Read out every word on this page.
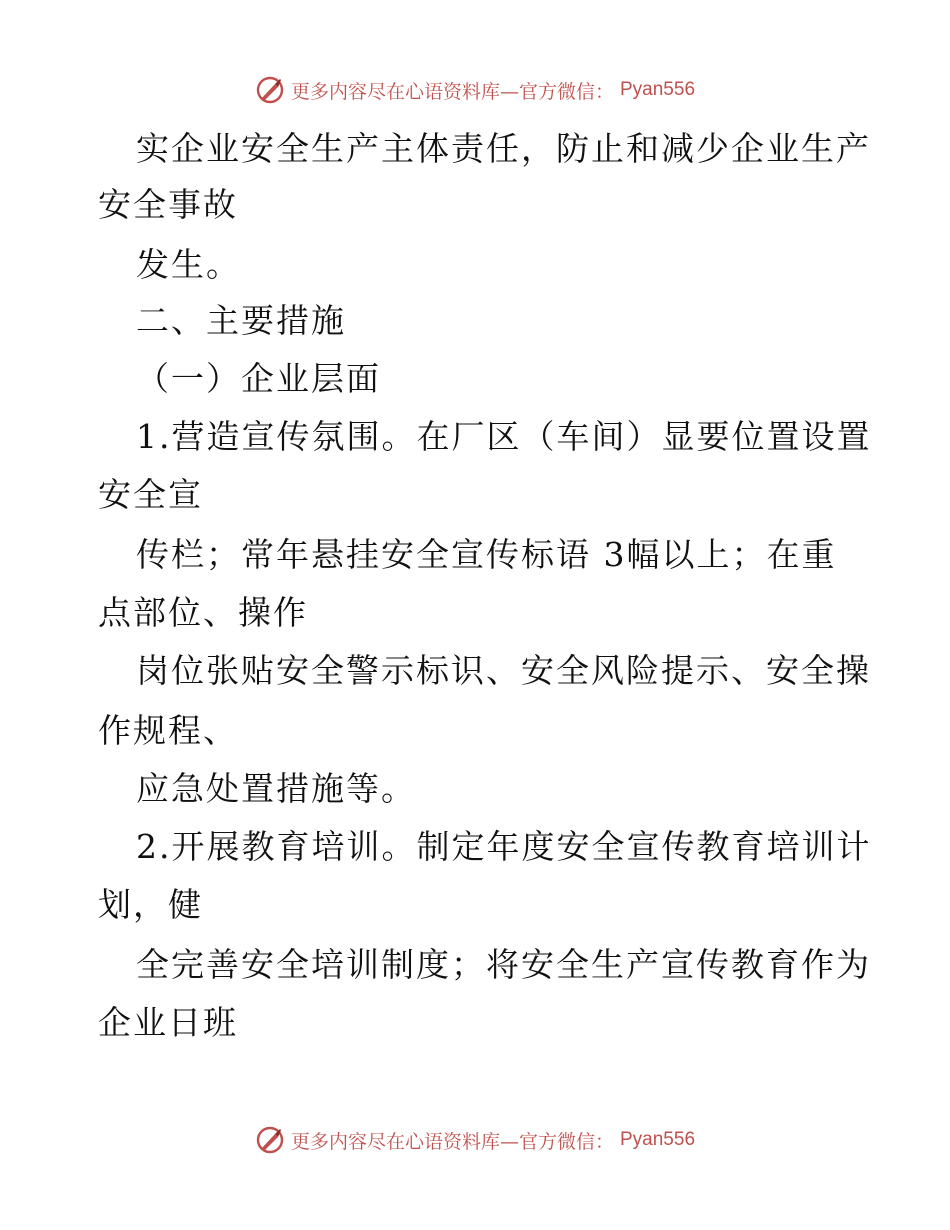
更多内容尽在心语资料库—官方微信： Pyan556
实企业安全生产主体责任，防止和减少企业生产
安全事故
发生。
二、主要措施
（一）企业层面
1.营造宣传氛围。在厂区（车间）显要位置设置
安全宣
传栏；常年悬挂安全宣传标语 3幅以上；在重
点部位、操作
岗位张贴安全警示标识、安全风险提示、安全操
作规程、
应急处置措施等。
2.开展教育培训。制定年度安全宣传教育培训计
划，健
全完善安全培训制度；将安全生产宣传教育作为
企业日班
更多内容尽在心语资料库—官方微信： Pyan556
